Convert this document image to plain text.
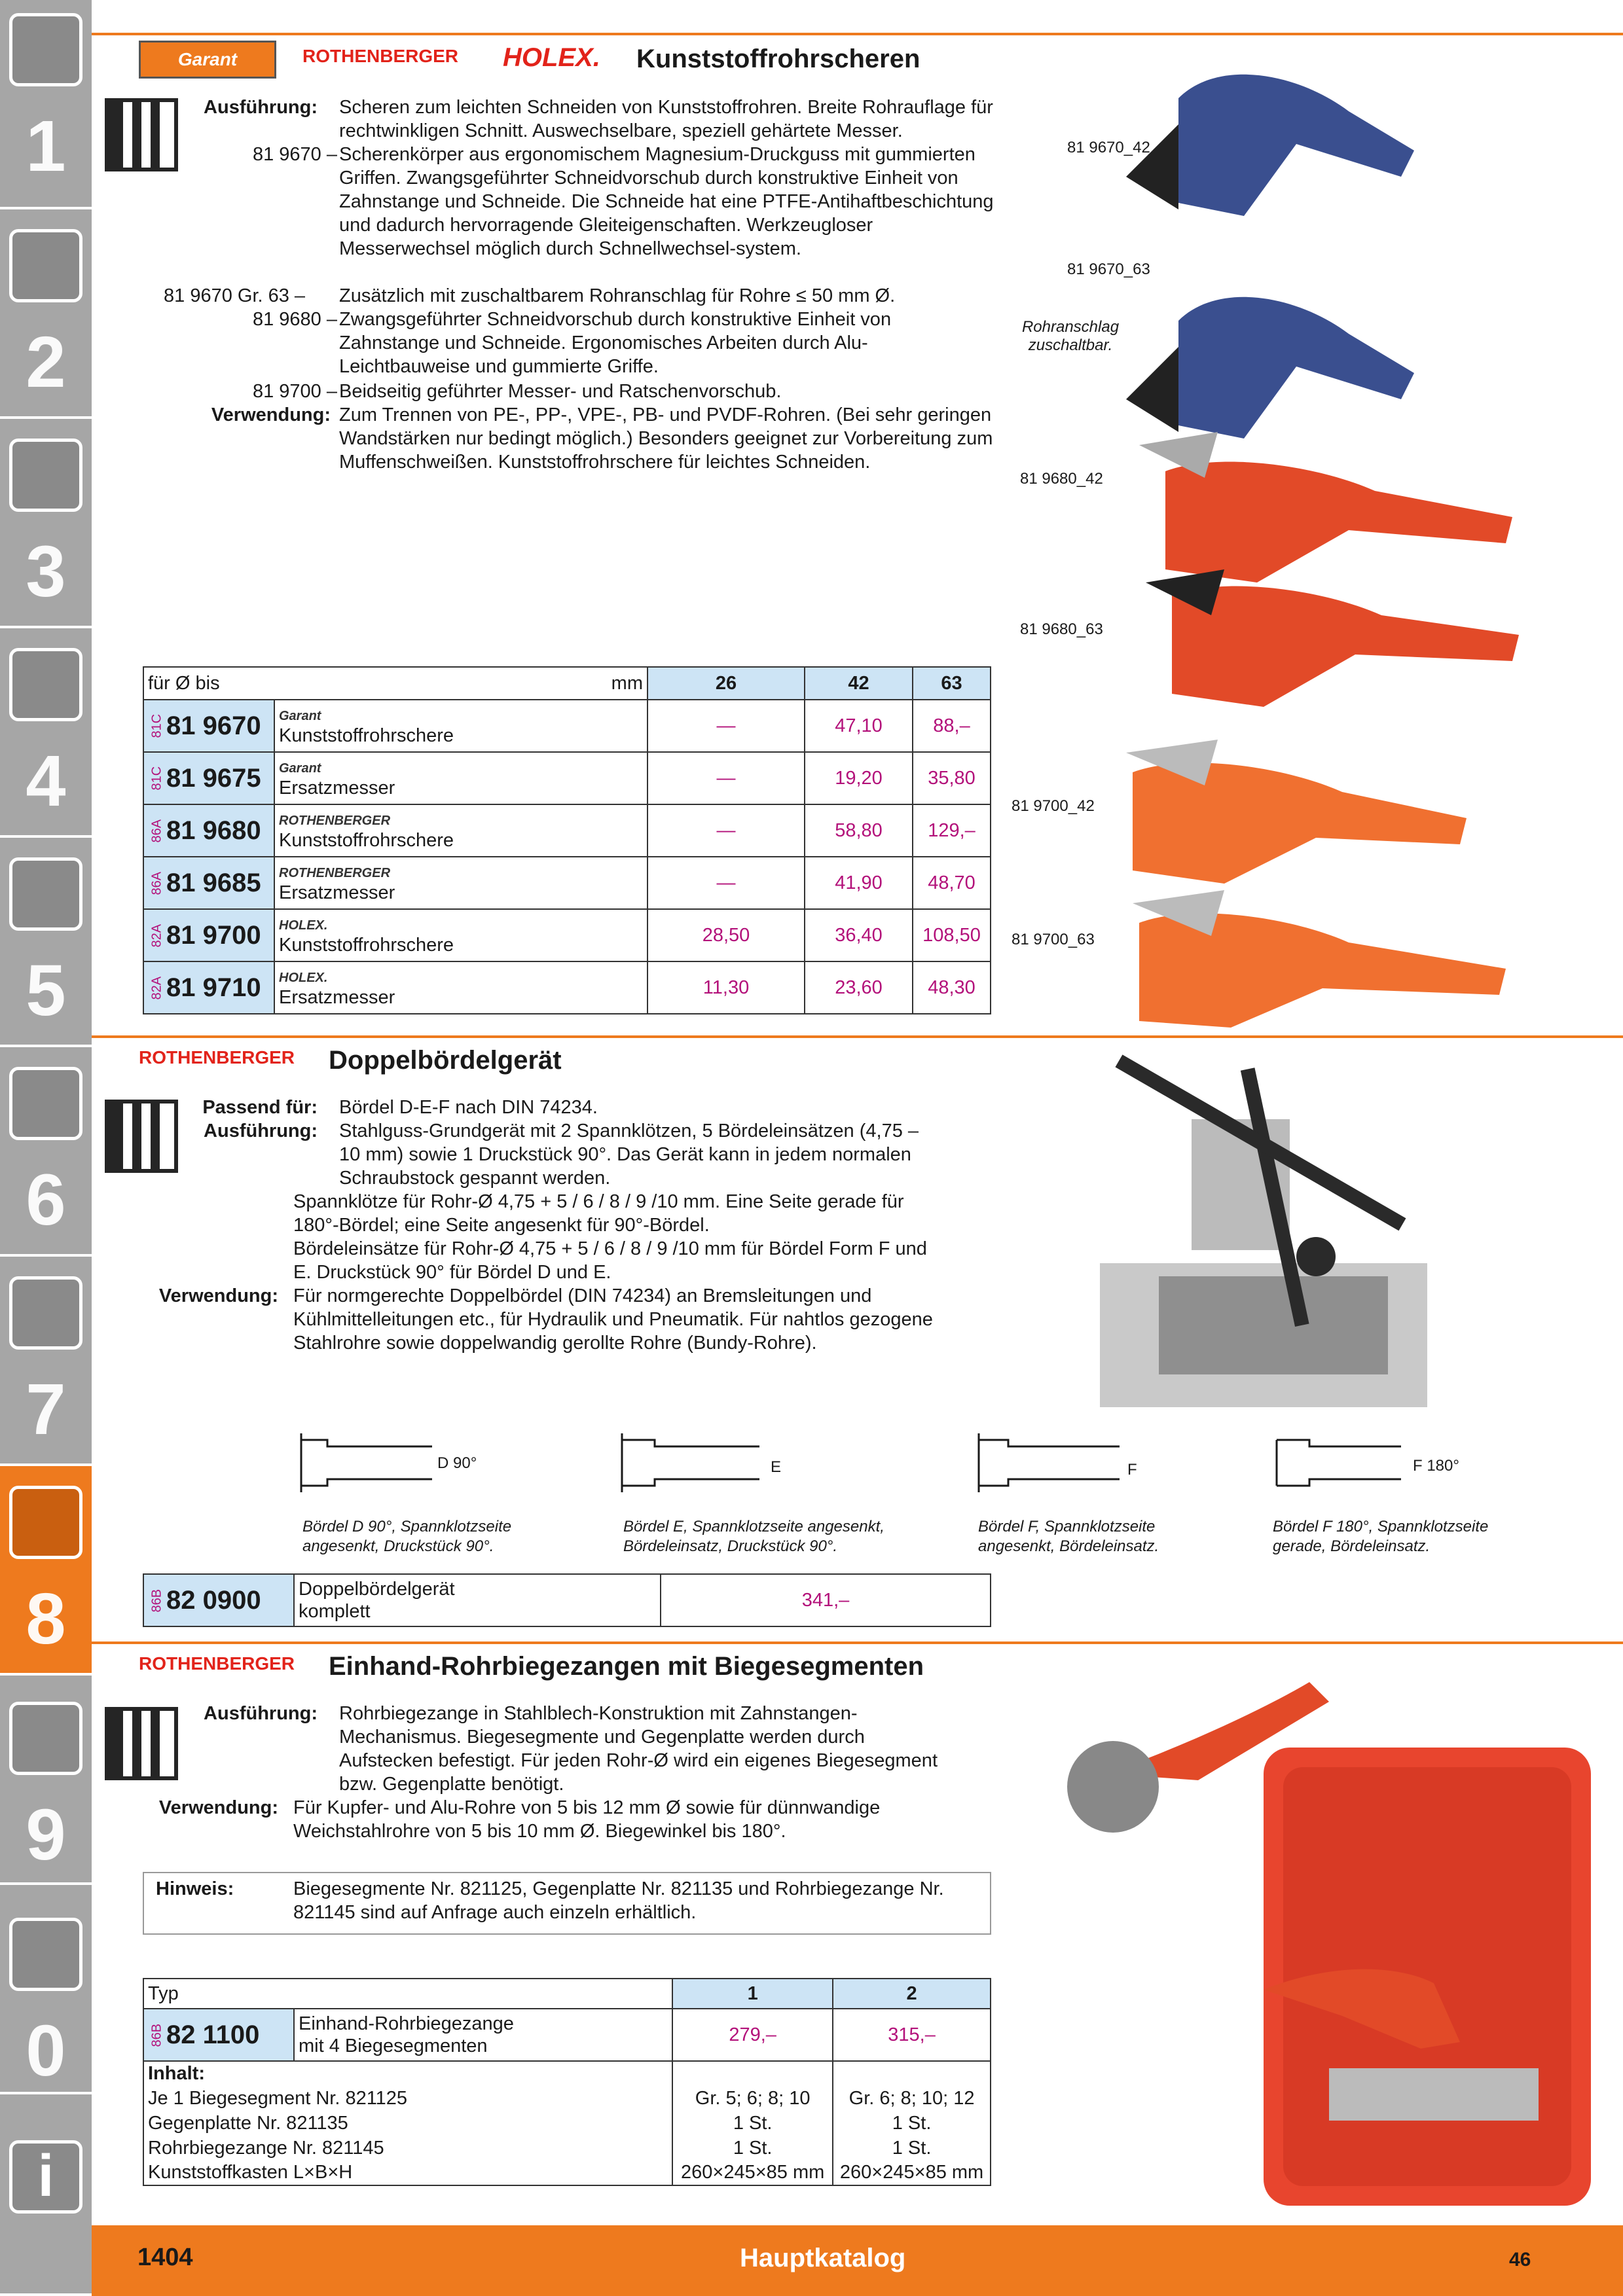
1
2
3
4
5
6
7
8
9
0
i
Garant	ROTHENBERGER HOLEX. Kunststoffrohrscheren
Ausführung: Scheren zum leichten Schneiden von Kunststoffrohren. Breite Rohrauflage für rechtwinkligen Schnitt. Auswechselbare, speziell gehärtete Messer.
81 9670 – Scherenkörper aus ergonomischem Magnesium-Druckguss mit gummierten Griffen. Zwangsgeführter Schneidvorschub durch konstruktive Einheit von Zahnstange und Schneide. Die Schneide hat eine PTFE-Antihaftbeschichtung und dadurch hervorragende Gleiteigenschaften. Werkzeugloser Messerwechsel möglich durch Schnellwechsel-system.
81 9670 Gr. 63 –	Zusätzlich mit zuschaltbarem Rohranschlag für Rohre ≤ 50 mm Ø.
81 9680 – Zwangsgeführter Schneidvorschub durch konstruktive Einheit von Zahnstange und Schneide. Ergonomisches Arbeiten durch Alu-Leichtbauweise und gummierte Griffe.
81 9700 – Beidseitig geführter Messer- und Ratschenvorschub.
Verwendung: Zum Trennen von PE-, PP-, VPE-, PB- und PVDF-Rohren. (Bei sehr geringen Wandstärken nur bedingt möglich.) Besonders geeignet zur Vorbereitung zum Muffenschweißen. Kunststoffrohrschere für leichtes Schneiden.
81 9670_42
81 9670_63
Rohranschlag zuschaltbar.
81 9680_42
81 9680_63
81 9700_42
81 9700_63
für Ø bis	mm	26	42	63
81C81 9670	Garant
Kunststoffrohrschere	—	47,10	88,–
81C81 9675	Garant
Ersatzmesser	—	19,20	35,80
86A81 9680	ROTHENBERGER
Kunststoffrohrschere	—	58,80	129,–
86A81 9685	ROTHENBERGER
Ersatzmesser	—	41,90	48,70
82A81 9700	HOLEX.
Kunststoffrohrschere	28,50	36,40	108,50
82A81 9710	HOLEX.
Ersatzmesser	11,30	23,60	48,30
ROTHENBERGER Doppelbördelgerät
Passend für: Bördel D-E-F nach DIN 74234.
Ausführung: Stahlguss-Grundgerät mit 2 Spannklötzen, 5 Bördeleinsätzen (4,75 – 10 mm) sowie 1 Druckstück 90°. Das Gerät kann in jedem normalen Schraubstock gespannt werden.
Spannklötze für Rohr-Ø 4,75 + 5 / 6 / 8 / 9 /10 mm. Eine Seite gerade für 180°-Bördel; eine Seite angesenkt für 90°-Bördel.
Bördeleinsätze für Rohr-Ø 4,75 + 5 / 6 / 8 / 9 /10 mm für Bördel Form F und E. Druckstück 90° für Bördel D und E.
Verwendung: Für normgerechte Doppelbördel (DIN 74234) an Bremsleitungen und Kühlmittelleitungen etc., für Hydraulik und Pneumatik. Für nahtlos gezogene Stahlrohre sowie doppelwandig gerollte Rohre (Bundy-Rohre).
D 90°	E	F	F 180°
Bördel D 90°, Spannklotzseite
angesenkt, Druckstück 90°.
Bördel E, Spannklotzseite angesenkt,
Bördeleinsatz, Druckstück 90°.
Bördel F, Spannklotzseite
angesenkt, Bördeleinsatz.
Bördel F 180°, Spannklotzseite
gerade, Bördeleinsatz.
86B82 0900	Doppelbördelgerät
komplett
	341,–
ROTHENBERGER Einhand-Rohrbiegezangen mit Biegesegmenten
Ausführung: Rohrbiegezange in Stahlblech-Konstruktion mit Zahnstangen-Mechanismus. Biegesegmente und Gegenplatte werden durch Aufstecken befestigt. Für jeden Rohr-Ø wird ein eigenes Biegesegment bzw. Gegenplatte benötigt.
Verwendung: Für Kupfer- und Alu-Rohre von 5 bis 12 mm Ø sowie für dünnwandige Weichstahlrohre von 5 bis 10 mm Ø. Biegewinkel bis 180°.
Hinweis:	Biegesegmente Nr. 821125, Gegenplatte Nr. 821135 und Rohrbiegezange Nr. 821145 sind auf Anfrage auch einzeln erhältlich.
Typ		1	2
86B82 1100	Einhand-Rohrbiegezange
mit 4 Biegesegmenten	279,–	315,–
Inhalt:			
Je 1 Biegesegment Nr. 821125		Gr. 5; 6; 8; 10	Gr. 6; 8; 10; 12
Gegenplatte Nr. 821135		1 St.	1 St.
Rohrbiegezange Nr. 821145		1 St.	1 St.
Kunststoffkasten L×B×H		260×245×85 mm	260×245×85 mm
1404	Hauptkatalog	46
